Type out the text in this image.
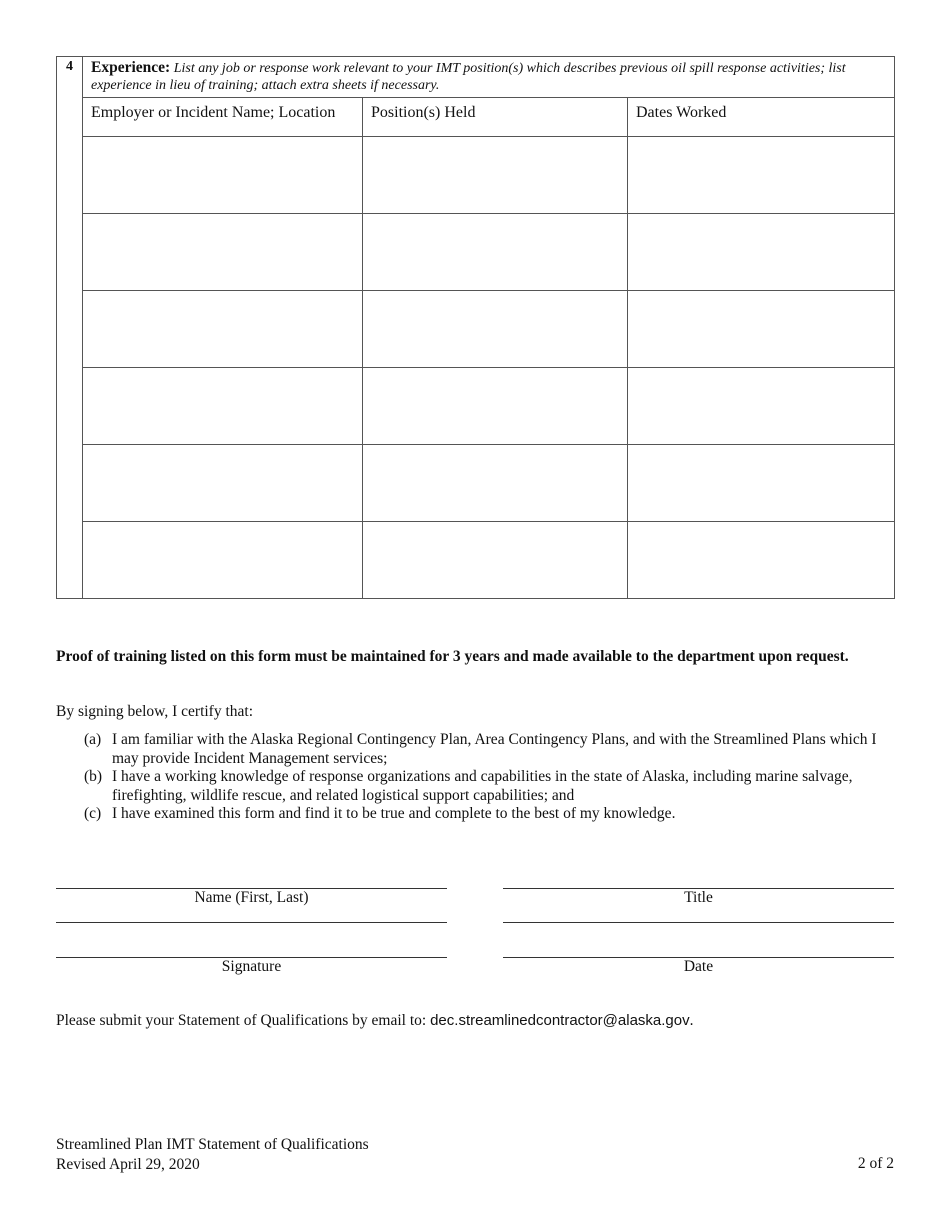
4	Experience: List any job or response work relevant to your IMT position(s) which describes previous oil spill response activities; list experience in lieu of training; attach extra sheets if necessary.		
	Employer or Incident Name; Location	Position(s) Held	Dates Worked

Proof of training listed on this form must be maintained for 3 years and made available to the department upon request.

By signing below, I certify that:

(a) I am familiar with the Alaska Regional Contingency Plan, Area Contingency Plans, and with the Streamlined Plans which I may provide Incident Management services;
(b) I have a working knowledge of response organizations and capabilities in the state of Alaska, including marine salvage, firefighting, wildlife rescue, and related logistical support capabilities; and
(c) I have examined this form and find it to be true and complete to the best of my knowledge.
Name (First, Last)	Title
Signature	Date

Please submit your Statement of Qualifications by email to: dec.streamlinedcontractor@alaska.gov.

Streamlined Plan IMT Statement of Qualifications
Revised April 29, 2020	2 of 2
